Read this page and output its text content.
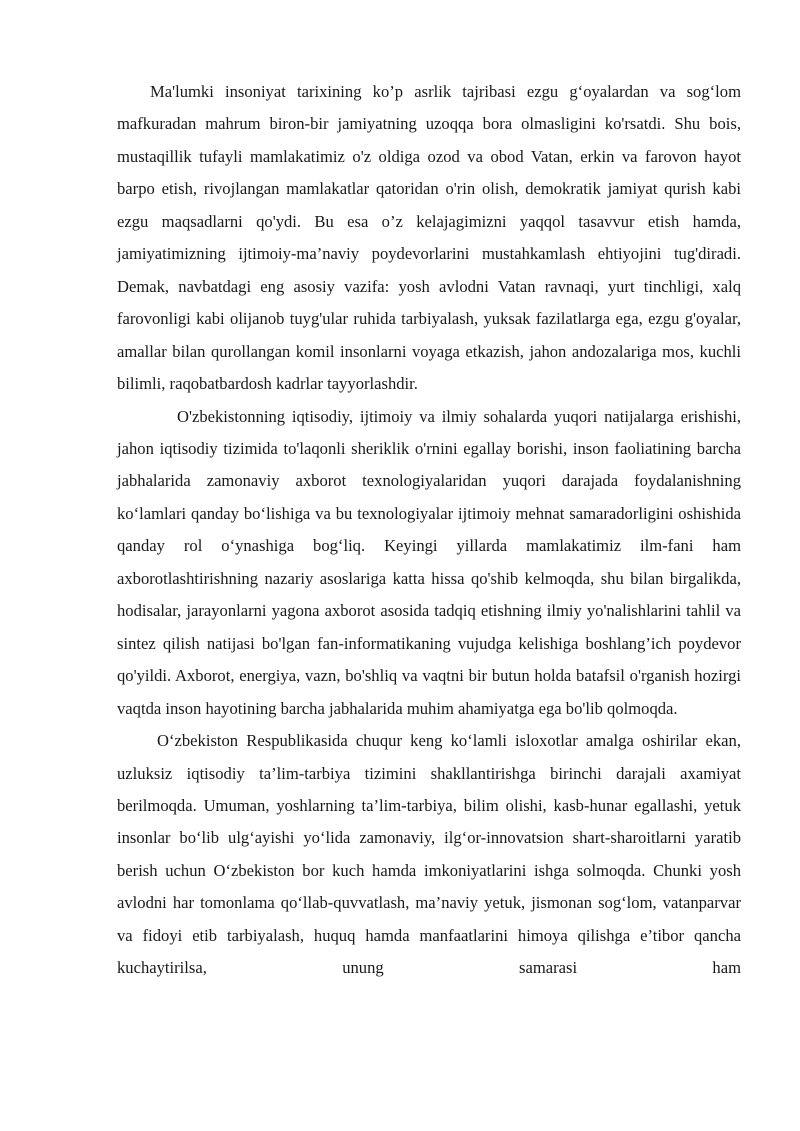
Ma'lumki insoniyat tarixining ko’p asrlik tajribasi ezgu g‘oyalardan va sog‘lom mafkuradan mahrum biron-bir jamiyatning uzoqqa bora olmasligini ko'rsatdi. Shu bois, mustaqillik tufayli mamlakatimiz o'z oldiga ozod va obod Vatan, erkin va farovon hayot barpo etish, rivojlangan mamlakatlar qatoridan o'rin olish, demokratik jamiyat qurish kabi ezgu maqsadlarni qo'ydi. Bu esa o’z kelajagimizni yaqqol tasavvur etish hamda, jamiyatimizning ijtimoiy-ma’naviy poydevorlarini mustahkamlash ehtiyojini tug'diradi. Demak, navbatdagi eng asosiy vazifa: yosh avlodni Vatan ravnaqi, yurt tinchligi, xalq farovonligi kabi olijanob tuyg'ular ruhida tarbiyalash, yuksak fazilatlarga ega, ezgu g'oyalar, amallar bilan qurollangan komil insonlarni voyaga etkazish, jahon andozalariga mos, kuchli bilimli, raqobatbardosh kadrlar tayyorlashdir.

O'zbekistonning iqtisodiy, ijtimoiy va ilmiy sohalarda yuqori natijalarga erishishi, jahon iqtisodiy tizimida to'laqonli sheriklik o'rnini egallay borishi, inson faoliatining barcha jabhalarida zamonaviy axborot texnologiyalaridan yuqori darajada foydalanishning ko‘lamlari qanday bo‘lishiga va bu texnologiyalar ijtimoiy mehnat samaradorligini oshishida qanday rol o‘ynashiga bog‘liq. Keyingi yillarda mamlakatimiz ilm-fani ham axborotlashtirishning nazariy asoslariga katta hissa qo'shib kelmoqda, shu bilan birgalikda, hodisalar, jarayonlarni yagona axborot asosida tadqiq etishning ilmiy yo'nalishlarini tahlil va sintez qilish natijasi bo'lgan fan-informatikaning vujudga kelishiga boshlang’ich poydevor qo'yildi. Axborot, energiya, vazn, bo'shliq va vaqtni bir butun holda batafsil o'rganish hozirgi vaqtda inson hayotining barcha jabhalarida muhim ahamiyatga ega bo'lib qolmoqda.

O‘zbekiston Respublikasida chuqur keng ko‘lamli isloxotlar amalga oshirilar ekan, uzluksiz iqtisodiy ta’lim-tarbiya tizimini shakllantirishga birinchi darajali axamiyat berilmoqda. Umuman, yoshlarning ta’lim-tarbiya, bilim olishi, kasb-hunar egallashi, yetuk insonlar bo‘lib ulg‘ayishi yo‘lida zamonaviy, ilg‘or-innovatsion shart-sharoitlarni yaratib berish uchun O‘zbekiston bor kuch hamda imkoniyatlarini ishga solmoqda. Chunki yosh avlodni har tomonlama qo‘llab-quvvatlash, ma’naviy yetuk, jismonan sog‘lom, vatanparvar va fidoyi etib tarbiyalash, huquq hamda manfaatlarini himoya qilishga e’tibor qancha kuchaytirilsa, unung samarasi ham
